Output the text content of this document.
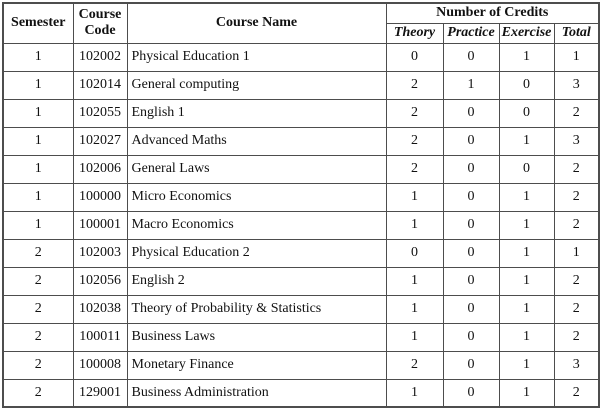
Semester	Course Code	Course Name	Number of Credits			
			Theory	Practice	Exercise	Total
1	102002	Physical Education 1	0	0	1	1
1	102014	General computing	2	1	0	3
1	102055	English 1	2	0	0	2
1	102027	Advanced Maths	2	0	1	3
1	102006	General Laws	2	0	0	2
1	100000	Micro Economics	1	0	1	2
1	100001	Macro Economics	1	0	1	2
2	102003	Physical Education 2	0	0	1	1
2	102056	English 2	1	0	1	2
2	102038	Theory of Probability & Statistics	1	0	1	2
2	100011	Business Laws	1	0	1	2
2	100008	Monetary Finance	2	0	1	3
2	129001	Business Administration	1	0	1	2
